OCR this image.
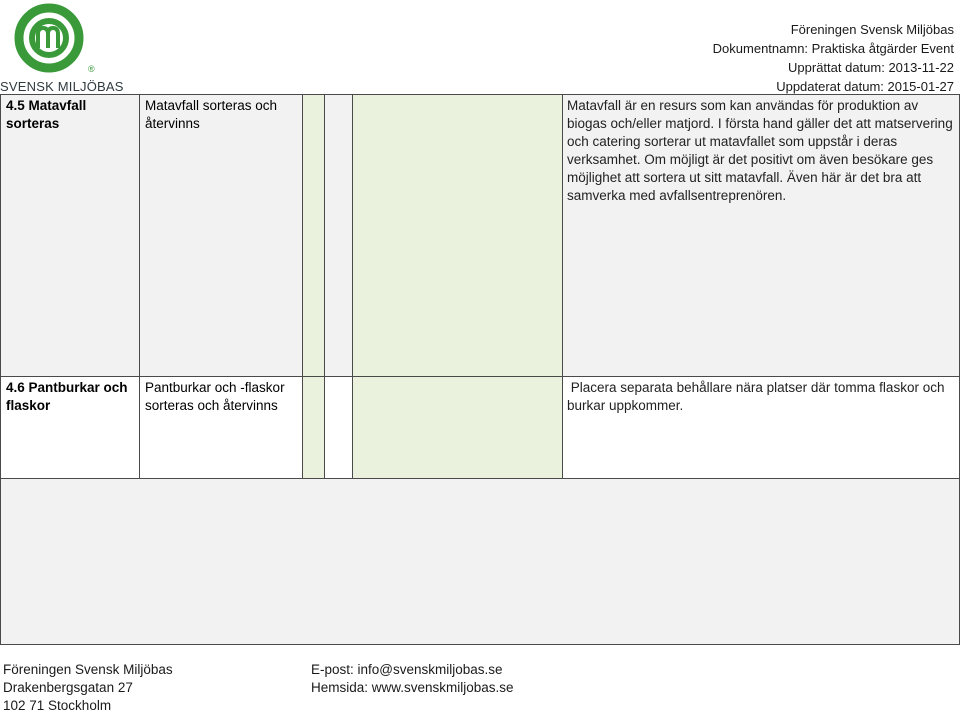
®
SVENSK MILJÖBAS
Föreningen Svensk Miljöbas
Dokumentnamn: Praktiska åtgärder Event
Upprättat datum: 2013-11-22
Uppdaterat datum: 2015-01-27
4.5 Matavfall sorteras	Matavfall sorteras och återvinns				Matavfall är en resurs som kan användas för produktion av biogas och/eller matjord. I första hand gäller det att matservering och catering sorterar ut matavfallet som uppstår i deras verksamhet. Om möjligt är det positivt om även besökare ges möjlighet att sortera ut sitt matavfall. Även här är det bra att samverka med avfallsentreprenören.
4.6 Pantburkar och flaskor	Pantburkar och -flaskor sorteras och återvinns				Placera separata behållare nära platser där tomma flaskor och burkar uppkommer.

Föreningen Svensk Miljöbas
Drakenbergsgatan 27
102 71 Stockholm
E-post: info@svenskmiljobas.se
Hemsida: www.svenskmiljobas.se
